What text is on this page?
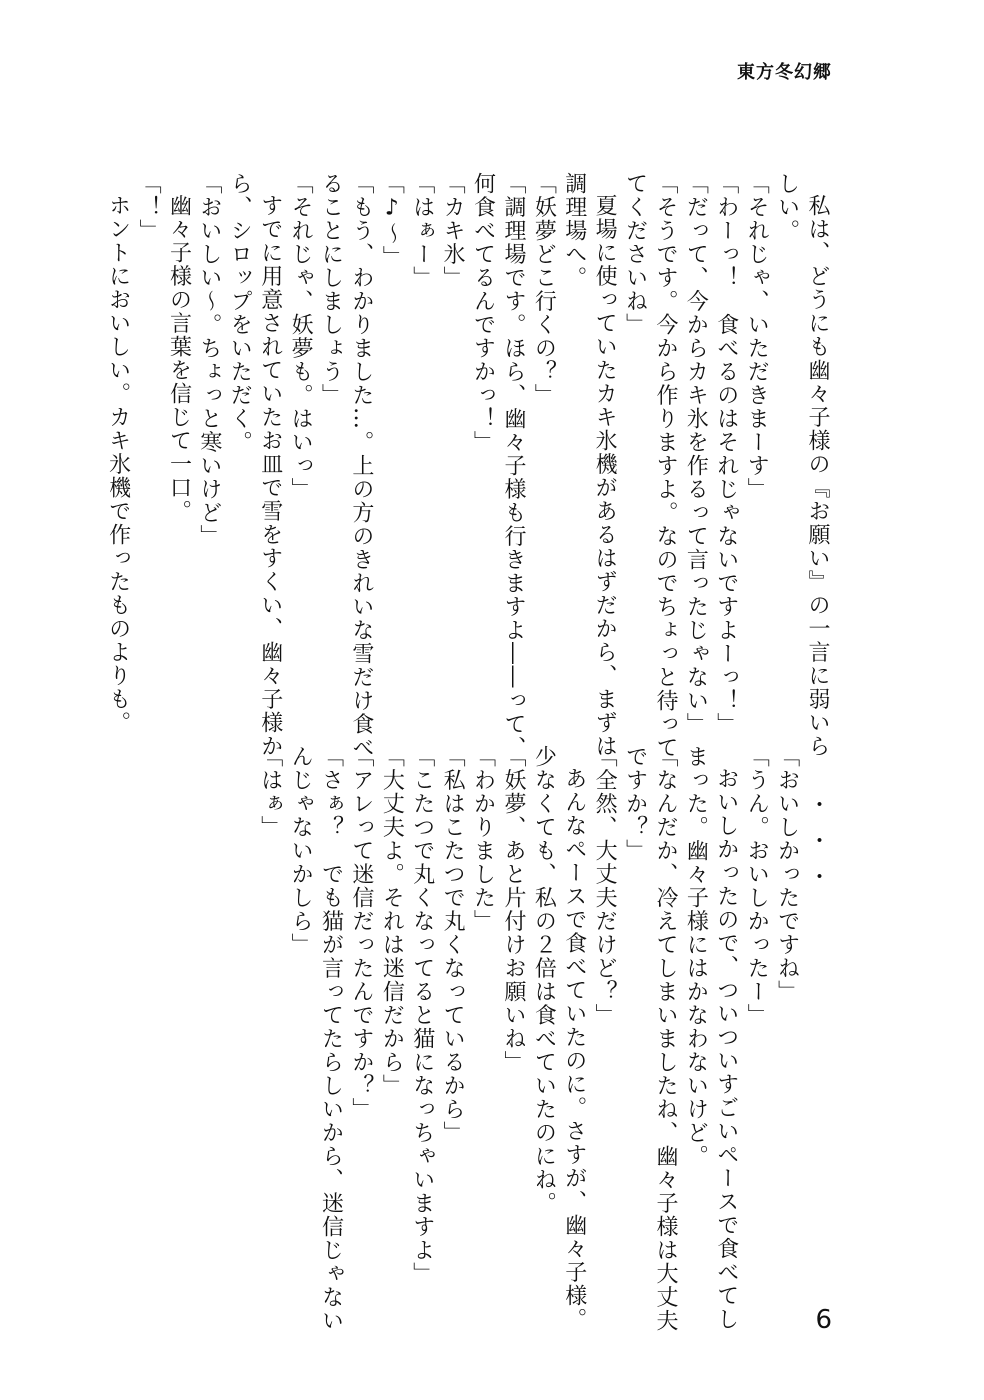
東方冬幻郷
私は、どうにも幽々子様の『お願い』の一言に弱いら
しい。
「それじゃ、いただきまーす」
「わーっ！　食べるのはそれじゃないですよーっ！」
「だって、今からカキ氷を作るって言ったじゃない」
「そうです。今から作りますよ。なのでちょっと待って
てくださいね」
夏場に使っていたカキ氷機があるはずだから、まずは
調理場へ。
「妖夢どこ行くの？」
「調理場です。ほら、幽々子様も行きますよ――って、
何食べてるんですかっ！」
「カキ氷」
「はぁー」
「♪～」
「もう、わかりました…。上の方のきれいな雪だけ食べ
ることにしましょう」
「それじゃ、妖夢も。はいっ」
すでに用意されていたお皿で雪をすくい、幽々子様か
ら、シロップをいただく。
「おいしい～。ちょっと寒いけど」
幽々子様の言葉を信じて一口。
「！」
ホントにおいしい。カキ氷機で作ったものよりも。
・・・
「おいしかったですね」
「うん。おいしかったー」
おいしかったので、ついついすごいペースで食べてし
まった。幽々子様にはかなわないけど。
「なんだか、冷えてしまいましたね、幽々子様は大丈夫
ですか？」
「全然、大丈夫だけど？」
あんなペースで食べていたのに。さすが、幽々子様。
少なくても、私の２倍は食べていたのにね。
「妖夢、あと片付けお願いね」
「わかりました」
「私はこたつで丸くなっているから」
「こたつで丸くなってると猫になっちゃいますよ」
「大丈夫よ。それは迷信だから」
「アレって迷信だったんですか？」
「さぁ？　でも猫が言ってたらしいから、迷信じゃない
んじゃないかしら」
「はぁ」
6
